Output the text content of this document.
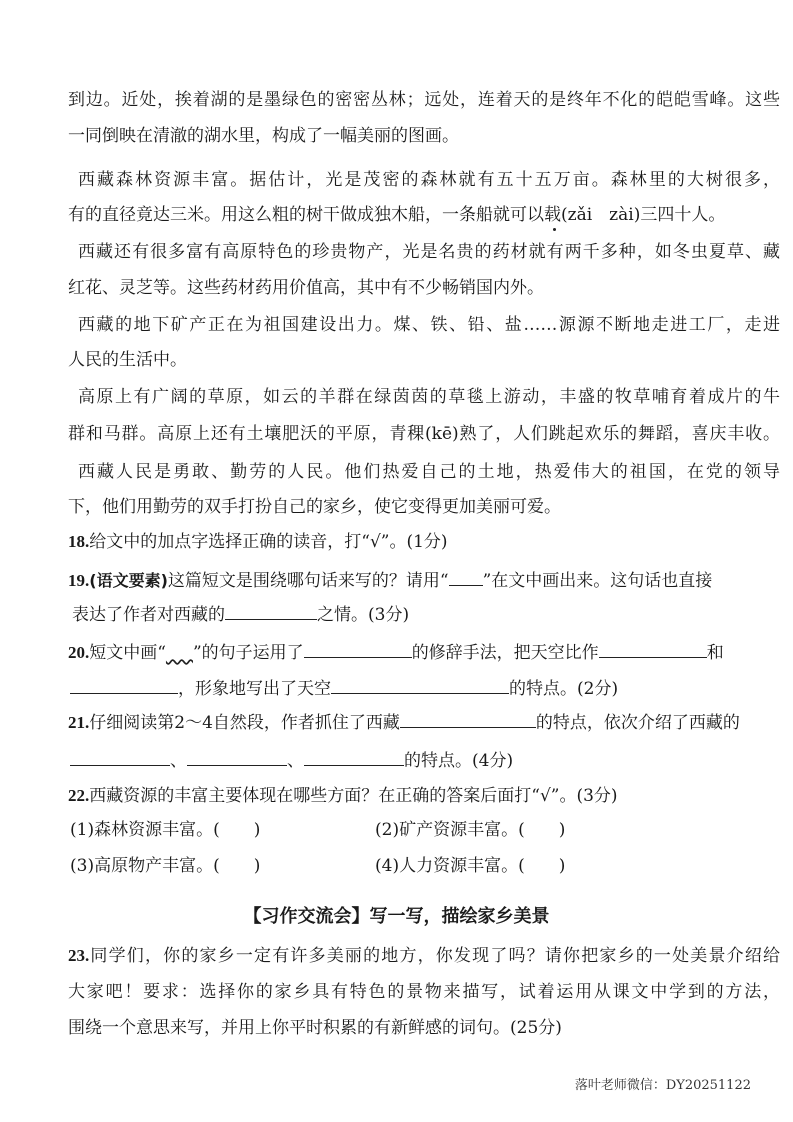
到边。近处，挨着湖的是墨绿色的密密丛林；远处，连着天的是终年不化的皑皑雪峰。这些
一同倒映在清澈的湖水里，构成了一幅美丽的图画。
西藏森林资源丰富。据估计，光是茂密的森林就有五十五万亩。森林里的大树很多，
有的直径竟达三米。用这么粗的树干做成独木船，一条船就可以载(zǎi　zài)三四十人。
西藏还有很多富有高原特色的珍贵物产，光是名贵的药材就有两千多种，如冬虫夏草、藏
红花、灵芝等。这些药材药用价值高，其中有不少畅销国内外。
西藏的地下矿产正在为祖国建设出力。煤、铁、铅、盐……源源不断地走进工厂，走进
人民的生活中。
高原上有广阔的草原，如云的羊群在绿茵茵的草毯上游动，丰盛的牧草哺育着成片的牛
群和马群。高原上还有土壤肥沃的平原，青稞(kē)熟了，人们跳起欢乐的舞蹈，喜庆丰收。
西藏人民是勇敢、勤劳的人民。他们热爱自己的土地，热爱伟大的祖国，在党的领导
下，他们用勤劳的双手打扮自己的家乡，使它变得更加美丽可爱。
18.给文中的加点字选择正确的读音，打“√”。(1分)
19.(语文要素)这篇短文是围绕哪句话来写的？请用“ ”在文中画出来。这句话也直接
表达了作者对西藏的	之情。(3分)
20.短文中画“ ”的句子运用了	的修辞手法，把天空比作	和
，形象地写出了天空	的特点。(2分)
21.仔细阅读第2～4自然段，作者抓住了西藏	的特点，依次介绍了西藏的
、	、	的特点。(4分)
22.西藏资源的丰富主要体现在哪些方面？在正确的答案后面打“√”。(3分)
(1)森林资源丰富。(　　)	(2)矿产资源丰富。(　　)
(3)高原物产丰富。(　　)	(4)人力资源丰富。(　　)
【习作交流会】写一写，描绘家乡美景
23.同学们，你的家乡一定有许多美丽的地方，你发现了吗？请你把家乡的一处美景介绍给
大家吧！要求：选择你的家乡具有特色的景物来描写，试着运用从课文中学到的方法，
围绕一个意思来写，并用上你平时积累的有新鲜感的词句。(25分)
落叶老师微信：DY20251122
